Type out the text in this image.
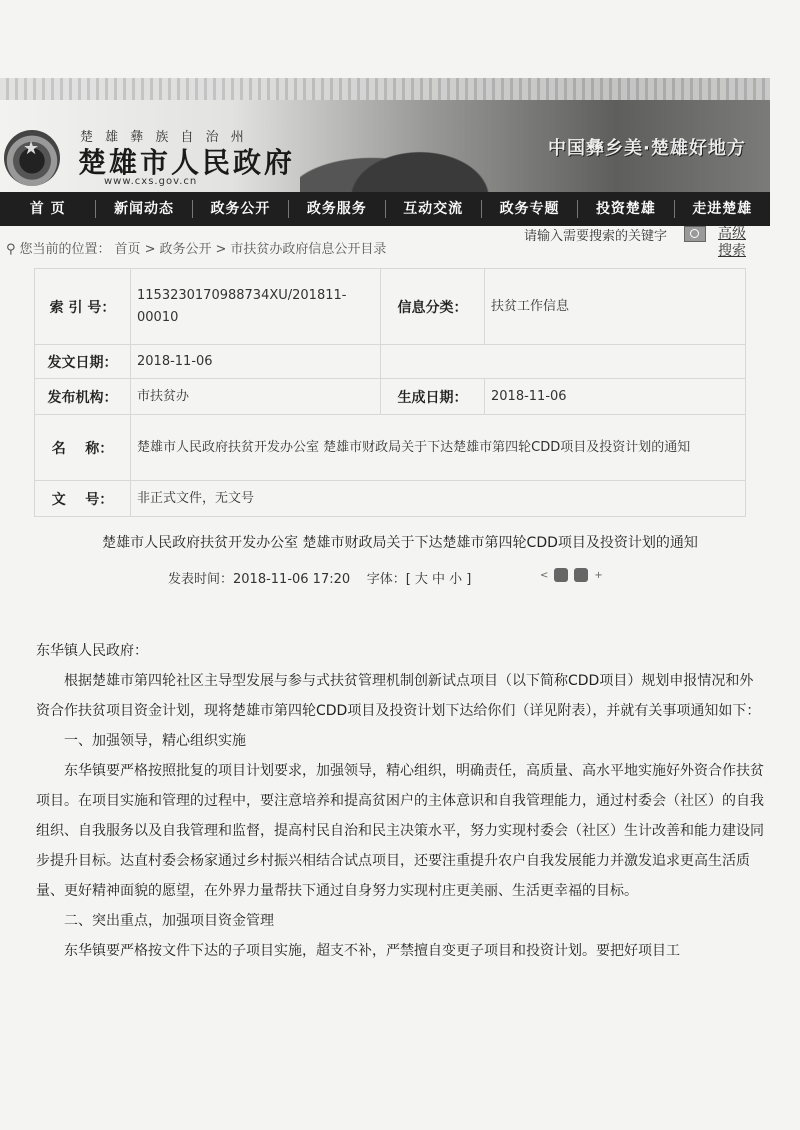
★
楚 雄 彝 族 自 治 州
楚雄市人民政府
www.cxs.gov.cn
中国彝乡美·楚雄好地方
首 页	新闻动态	政务公开	政务服务	互动交流	政务专题	投资楚雄	走进楚雄
⚲ 您当前的位置： 首页 > 政务公开 > 市扶贫办政府信息公开目录
请输入需要搜索的关键字
高级搜索
索 引 号：	1153230170988734XU/201811-00010	信息分类：	扶贫工作信息
发文日期：	2018-11-06		
发布机构：	市扶贫办	生成日期：	2018-11-06
名    称：	楚雄市人民政府扶贫开发办公室 楚雄市财政局关于下达楚雄市第四轮CDD项目及投资计划的通知		
文    号：	非正式文件，无文号		
楚雄市人民政府扶贫开发办公室 楚雄市财政局关于下达楚雄市第四轮CDD项目及投资计划的通知
发表时间：2018-11-06 17:20 字体：[ 大 中 小 ]	<	+

东华镇人民政府：

根据楚雄市第四轮社区主导型发展与参与式扶贫管理机制创新试点项目（以下简称CDD项目）规划申报情况和外资合作扶贫项目资金计划，现将楚雄市第四轮CDD项目及投资计划下达给你们（详见附表），并就有关事项通知如下：

一、加强领导，精心组织实施

东华镇要严格按照批复的项目计划要求，加强领导，精心组织，明确责任，高质量、高水平地实施好外资合作扶贫项目。在项目实施和管理的过程中，要注意培养和提高贫困户的主体意识和自我管理能力，通过村委会（社区）的自我组织、自我服务以及自我管理和监督，提高村民自治和民主决策水平，努力实现村委会（社区）生计改善和能力建设同步提升目标。达直村委会杨家通过乡村振兴相结合试点项目，还要注重提升农户自我发展能力并激发追求更高生活质量、更好精神面貌的愿望，在外界力量帮扶下通过自身努力实现村庄更美丽、生活更幸福的目标。

二、突出重点，加强项目资金管理

东华镇要严格按文件下达的子项目实施，超支不补，严禁擅自变更子项目和投资计划。要把好项目工
